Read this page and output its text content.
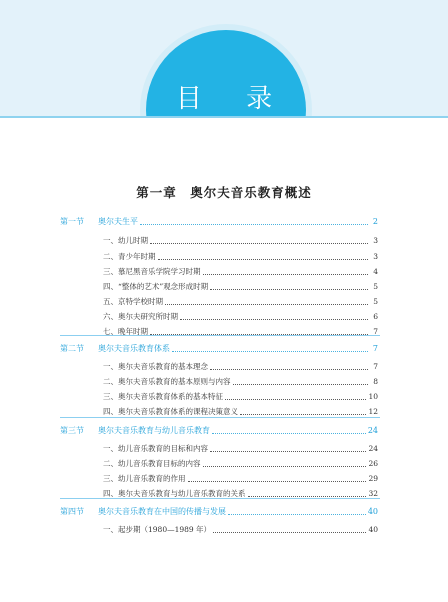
目 录
第一章　奥尔夫音乐教育概述
第一节	奥尔夫生平	2
一、幼儿时期	3
二、青少年时期	3
三、慕尼黑音乐学院学习时期	4
四、“整体的艺术”观念形成时期	5
五、京特学校时期	5
六、奥尔夫研究所时期	6
七、晚年时期	7
第二节	奥尔夫音乐教育体系	7
一、奥尔夫音乐教育的基本理念	7
二、奥尔夫音乐教育的基本原则与内容	8
三、奥尔夫音乐教育体系的基本特征	10
四、奥尔夫音乐教育体系的课程决策意义	12
第三节	奥尔夫音乐教育与幼儿音乐教育	24
一、幼儿音乐教育的目标和内容	24
二、幼儿音乐教育目标的内容	26
三、幼儿音乐教育的作用	29
四、奥尔夫音乐教育与幼儿音乐教育的关系	32
第四节	奥尔夫音乐教育在中国的传播与发展	40
一、起步期（1980—1989 年）	40
